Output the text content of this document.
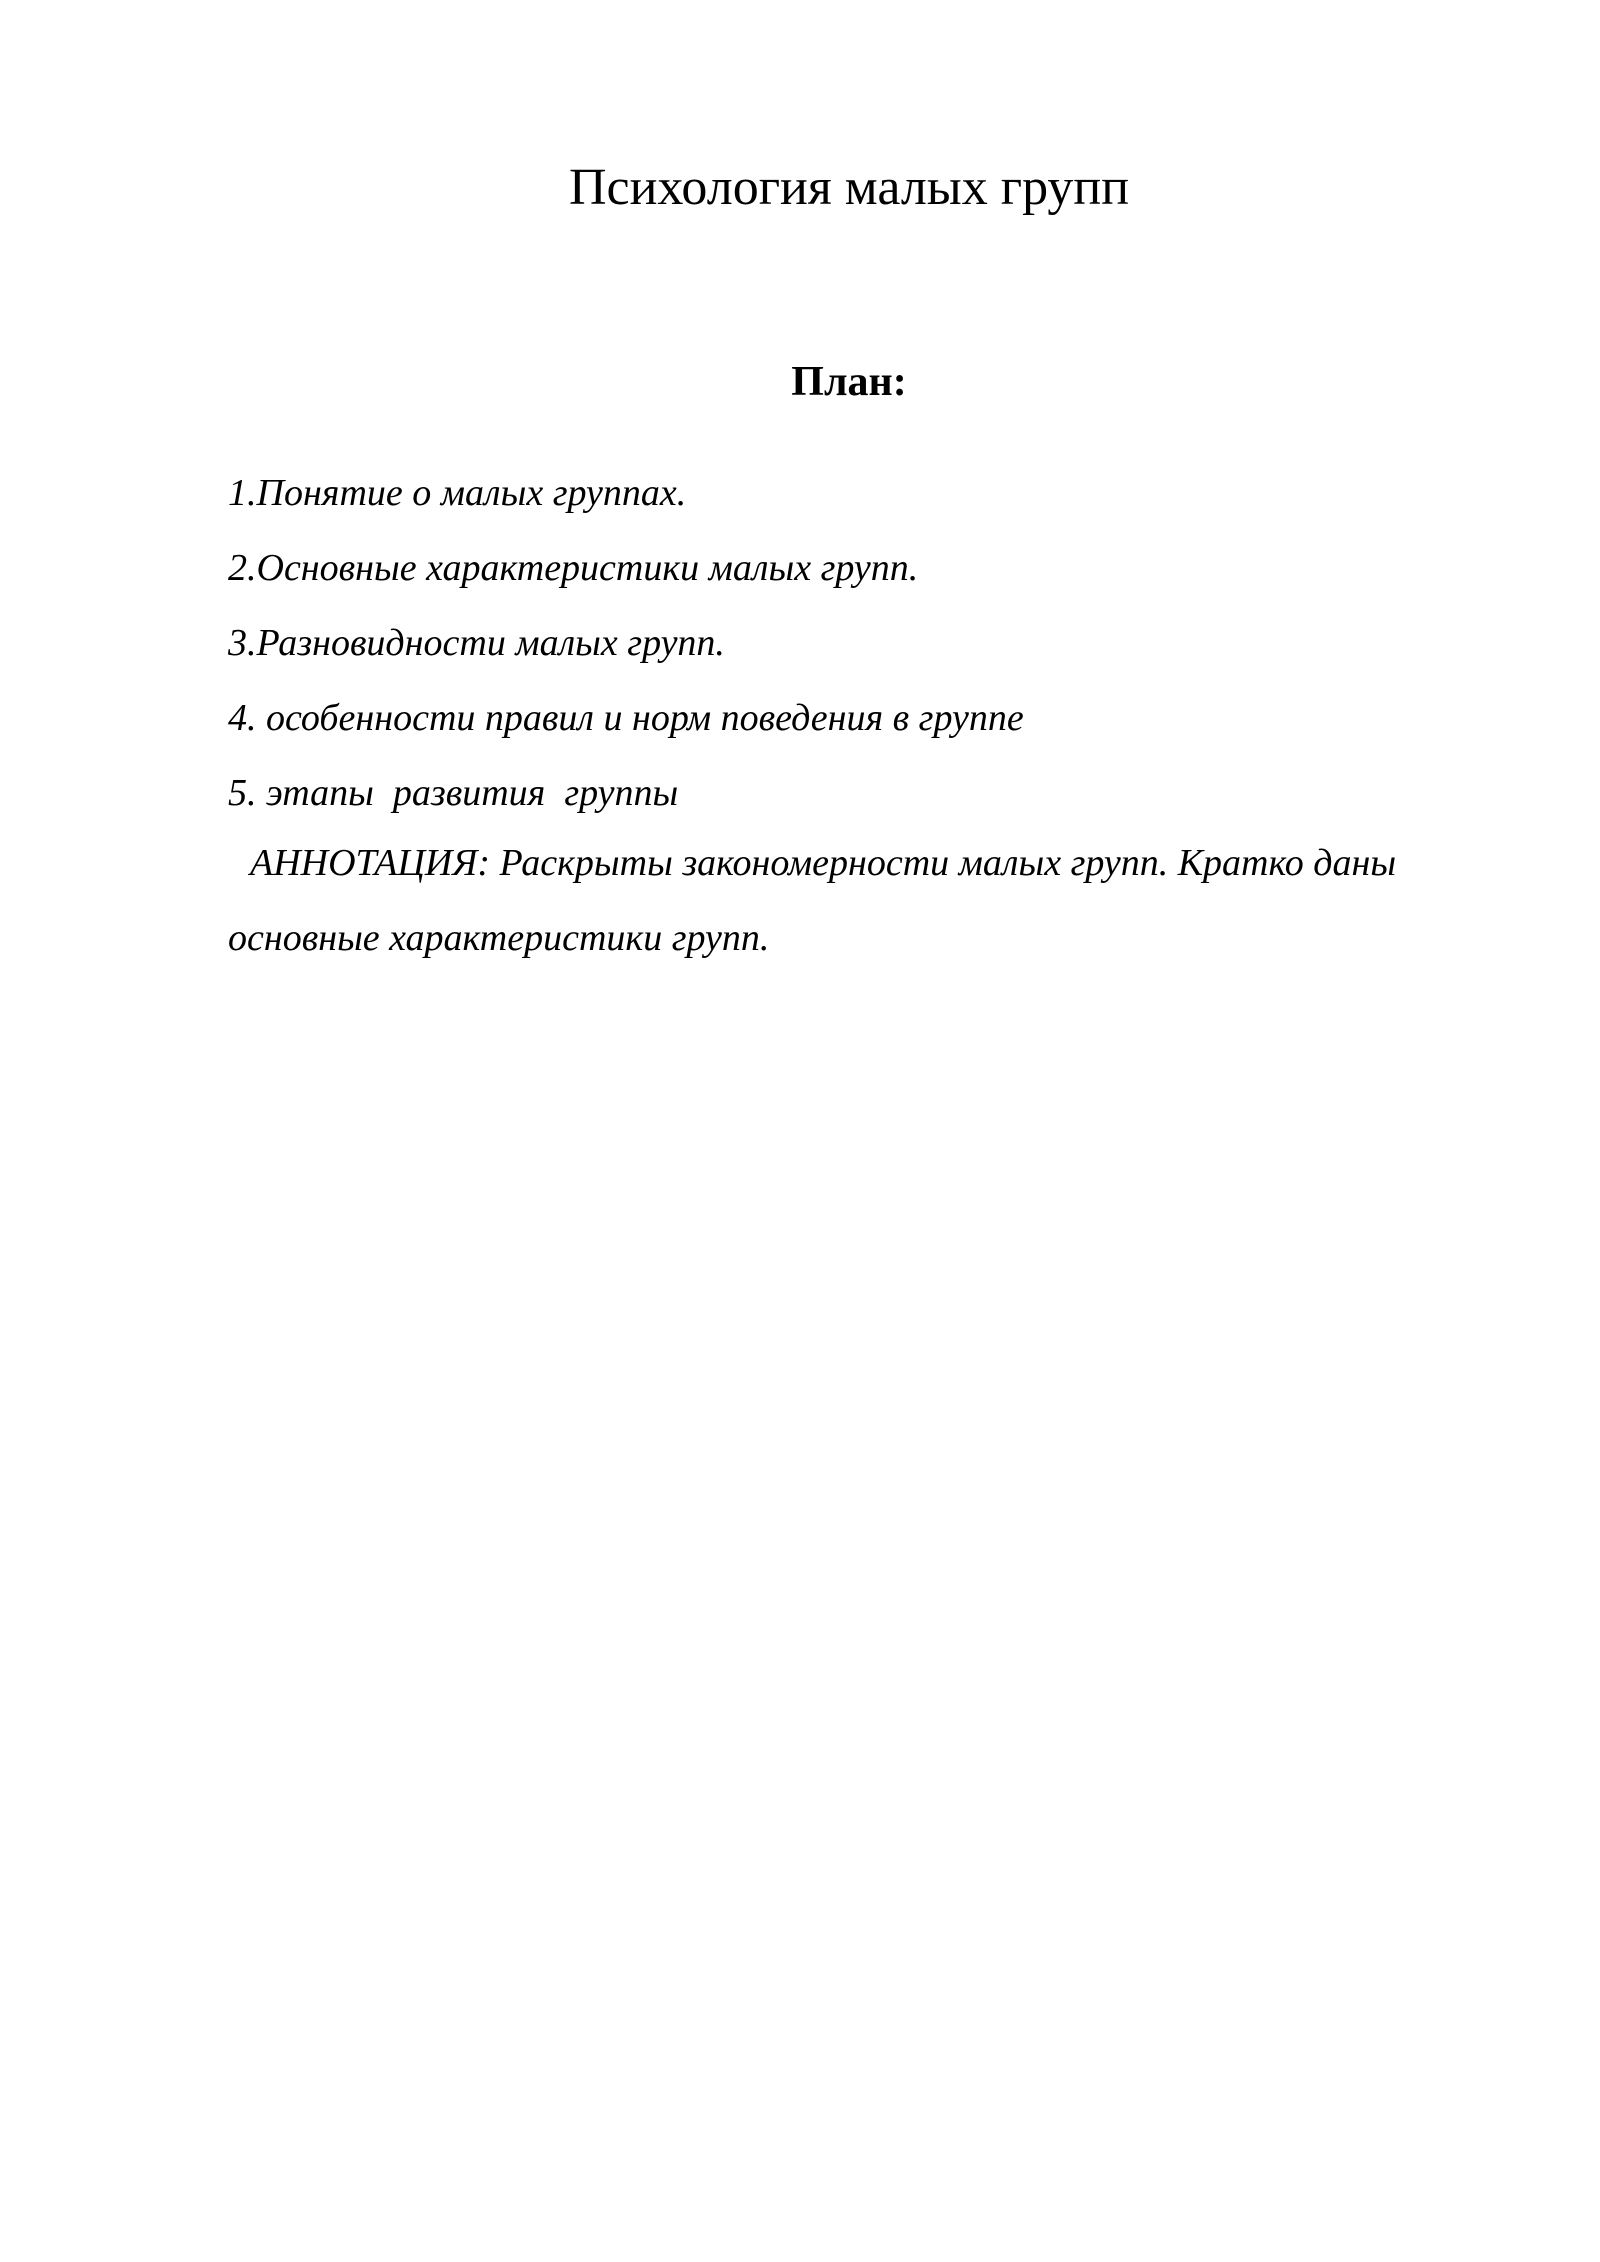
Психология малых групп
План:
1.Понятие о малых группах.
2.Основные характеристики малых групп.
3.Разновидности малых групп.
4. особенности правил и норм поведения в группе
5. этапы  развития  группы

АННОТАЦИЯ: Раскрыты закономерности малых групп. Кратко даны основные характеристики групп.
